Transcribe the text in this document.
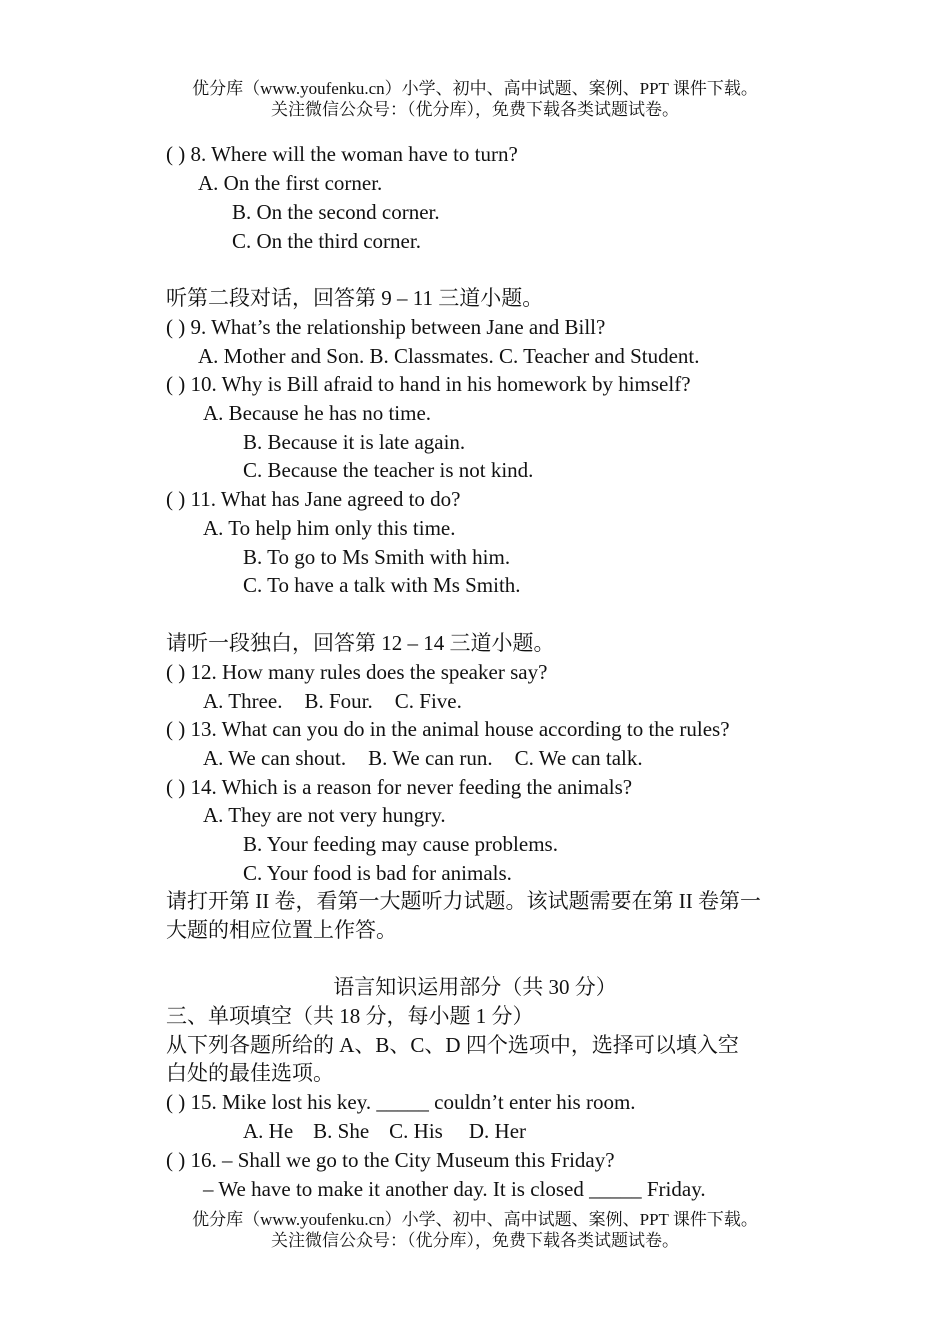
优分库（www.youfenku.cn）小学、初中、高中试题、案例、PPT 课件下载。
关注微信公众号：（优分库），免费下载各类试题试卷。
( ) 8. Where will the woman have to turn?
A. On the first corner.
B. On the second corner.
C. On the third corner.
听第二段对话，回答第 9 – 11 三道小题。
( ) 9. What’s the relationship between Jane and Bill?
A. Mother and Son. B. Classmates. C. Teacher and Student.
( ) 10. Why is Bill afraid to hand in his homework by himself?
A. Because he has no time.
B. Because it is late again.
C. Because the teacher is not kind.
( ) 11. What has Jane agreed to do?
A. To help him only this time.
B. To go to Ms Smith with him.
C. To have a talk with Ms Smith.
请听一段独白，回答第 12 – 14 三道小题。
( ) 12. How many rules does the speaker say?
A. Three. B. Four. C. Five.
( ) 13. What can you do in the animal house according to the rules?
A. We can shout. B. We can run. C. We can talk.
( ) 14. Which is a reason for never feeding the animals?
A. They are not very hungry.
B. Your feeding may cause problems.
C. Your food is bad for animals.
请打开第 II 卷，看第一大题听力试题。该试题需要在第 II 卷第一
大题的相应位置上作答。
语言知识运用部分（共 30 分）
三、单项填空（共 18 分，每小题 1 分）
从下列各题所给的 A、B、C、D 四个选项中，选择可以填入空
白处的最佳选项。
( ) 15. Mike lost his key. _____ couldn’t enter his room.
A. He B. She C. His D. Her
( ) 16. – Shall we go to the City Museum this Friday?
– We have to make it another day. It is closed _____ Friday.
优分库（www.youfenku.cn）小学、初中、高中试题、案例、PPT 课件下载。
关注微信公众号：（优分库），免费下载各类试题试卷。
